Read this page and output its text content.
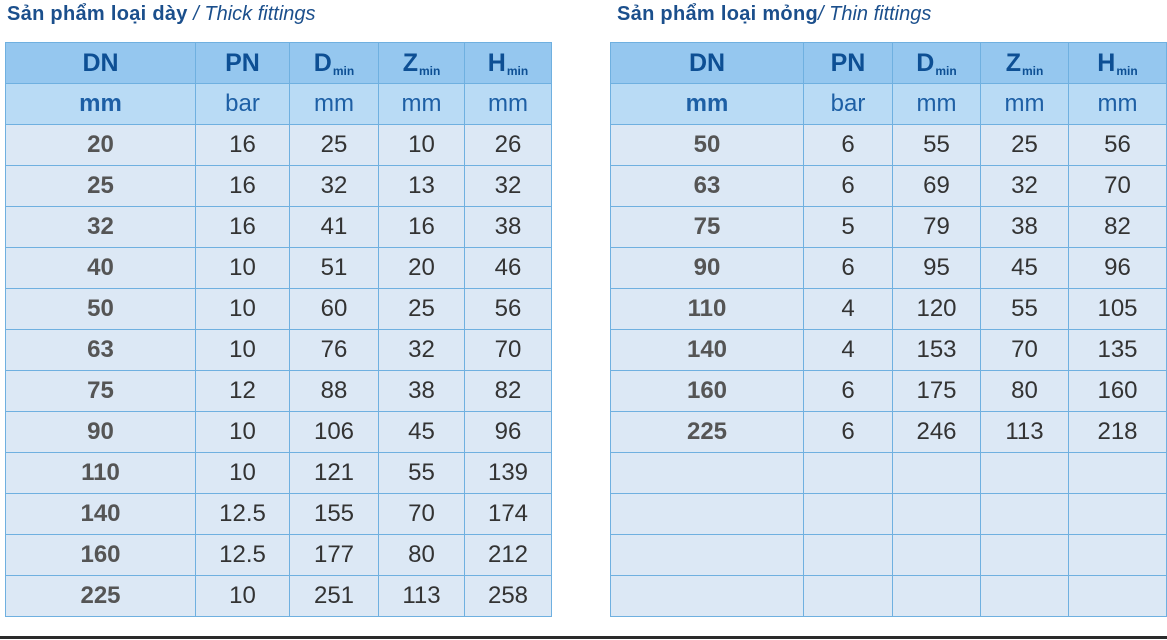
Sản phẩm loại dày / Thick fittings	Sản phẩm loại mỏng/ Thin fittings
DN	PN	$D_{min}$	$Z_{min}$	$H_{min}$
mm	bar	mm	mm	mm
20	16	25	10	26
25	16	32	13	32
32	16	41	16	38
40	10	51	20	46
50	10	60	25	56
63	10	76	32	70
75	12	88	38	82
90	10	106	45	96
110	10	121	55	139
140	12.5	155	70	174
160	12.5	177	80	212
225	10	251	113	258
DN	PN	$D_{min}$	$Z_{min}$	$H_{min}$
mm	bar	mm	mm	mm
50	6	55	25	56
63	6	69	32	70
75	5	79	38	82
90	6	95	45	96
110	4	120	55	105
140	4	153	70	135
160	6	175	80	160
225	6	246	113	218
